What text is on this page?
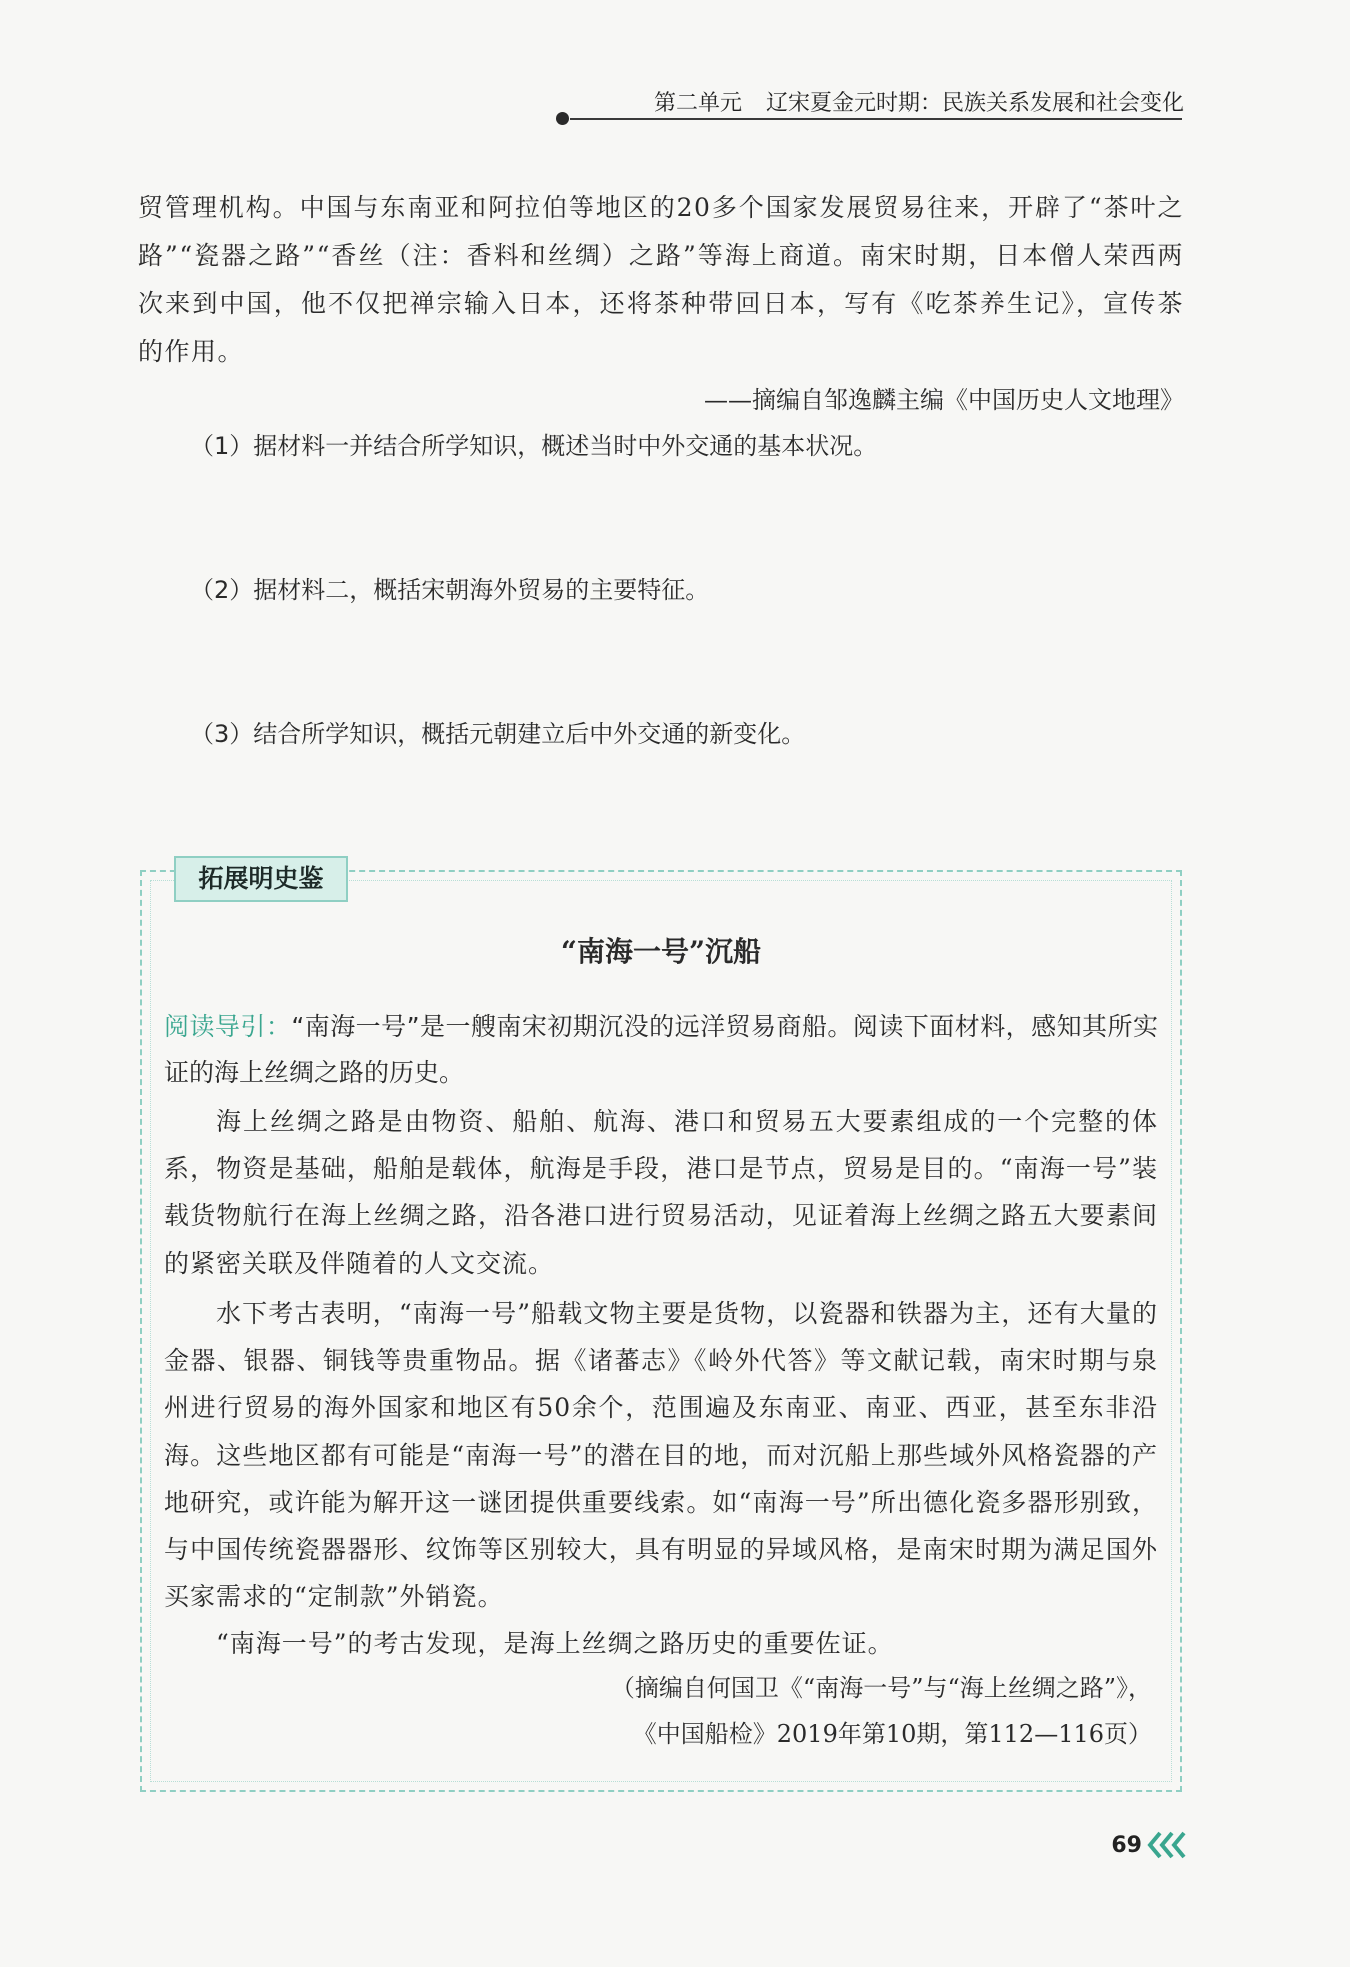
第二单元 辽宋夏金元时期：民族关系发展和社会变化
贸管理机构。中国与东南亚和阿拉伯等地区的20多个国家发展贸易往来，开辟了“茶叶之路”“瓷器之路”“香丝（注：香料和丝绸）之路”等海上商道。南宋时期，日本僧人荣西两次来到中国，他不仅把禅宗输入日本，还将茶种带回日本，写有《吃茶养生记》，宣传茶的作用。
——摘编自邹逸麟主编《中国历史人文地理》
（1）据材料一并结合所学知识，概述当时中外交通的基本状况。
（2）据材料二，概括宋朝海外贸易的主要特征。
（3）结合所学知识，概括元朝建立后中外交通的新变化。
拓展明史鉴
“南海一号”沉船
阅读导引：“南海一号”是一艘南宋初期沉没的远洋贸易商船。阅读下面材料，感知其所实证的海上丝绸之路的历史。
海上丝绸之路是由物资、船舶、航海、港口和贸易五大要素组成的一个完整的体系，物资是基础，船舶是载体，航海是手段，港口是节点，贸易是目的。“南海一号”装载货物航行在海上丝绸之路，沿各港口进行贸易活动，见证着海上丝绸之路五大要素间的紧密关联及伴随着的人文交流。
水下考古表明，“南海一号”船载文物主要是货物，以瓷器和铁器为主，还有大量的金器、银器、铜钱等贵重物品。据《诸蕃志》《岭外代答》等文献记载，南宋时期与泉州进行贸易的海外国家和地区有50余个，范围遍及东南亚、南亚、西亚，甚至东非沿海。这些地区都有可能是“南海一号”的潜在目的地，而对沉船上那些域外风格瓷器的产地研究，或许能为解开这一谜团提供重要线索。如“南海一号”所出德化瓷多器形别致，与中国传统瓷器器形、纹饰等区别较大，具有明显的异域风格，是南宋时期为满足国外买家需求的“定制款”外销瓷。
“南海一号”的考古发现，是海上丝绸之路历史的重要佐证。
（摘编自何国卫《“南海一号”与“海上丝绸之路”》，
《中国船检》2019年第10期，第112—116页）
69
